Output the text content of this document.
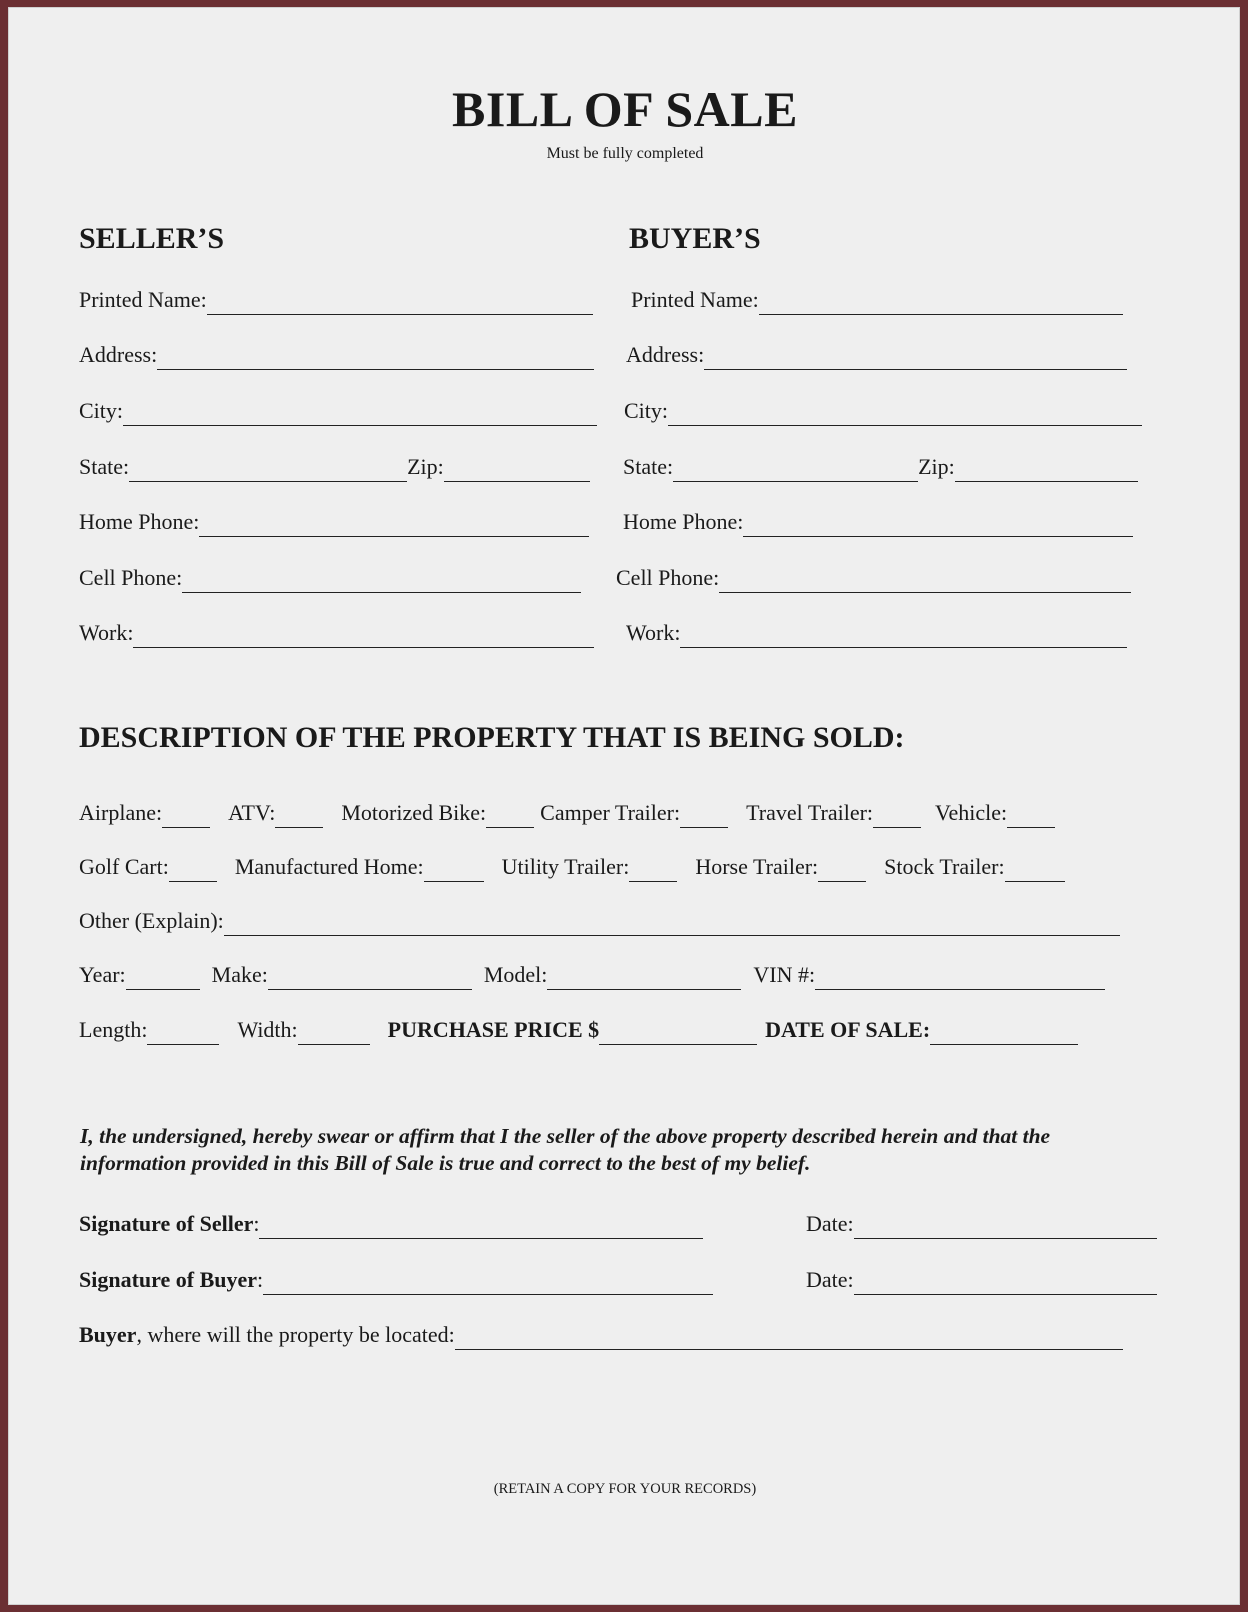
BILL OF SALE
Must be fully completed
SELLER’S	BUYER’S
Printed Name:
Address:
City:
State:	Zip:
Home Phone:
Cell Phone:
Work:
Printed Name:
Address:
City:
State:	Zip:
Home Phone:
Cell Phone:
Work:
DESCRIPTION OF THE PROPERTY THAT IS BEING SOLD:
Airplane:	ATV:	Motorized Bike: Camper Trailer:	Travel Trailer:	Vehicle:
Golf Cart:	Manufactured Home:	Utility Trailer:	Horse Trailer:	Stock Trailer:
Other (Explain):
Year:	Make:	Model:	VIN #:
Length:	Width:	PURCHASE PRICE $	DATE OF SALE:
I, the undersigned, hereby swear or affirm that I the seller of the above property described herein and that the information provided in this Bill of Sale is true and correct to the best of my belief.
Signature of Seller:	Date:
Signature of Buyer:	Date:
Buyer, where will the property be located:
(RETAIN A COPY FOR YOUR RECORDS)
